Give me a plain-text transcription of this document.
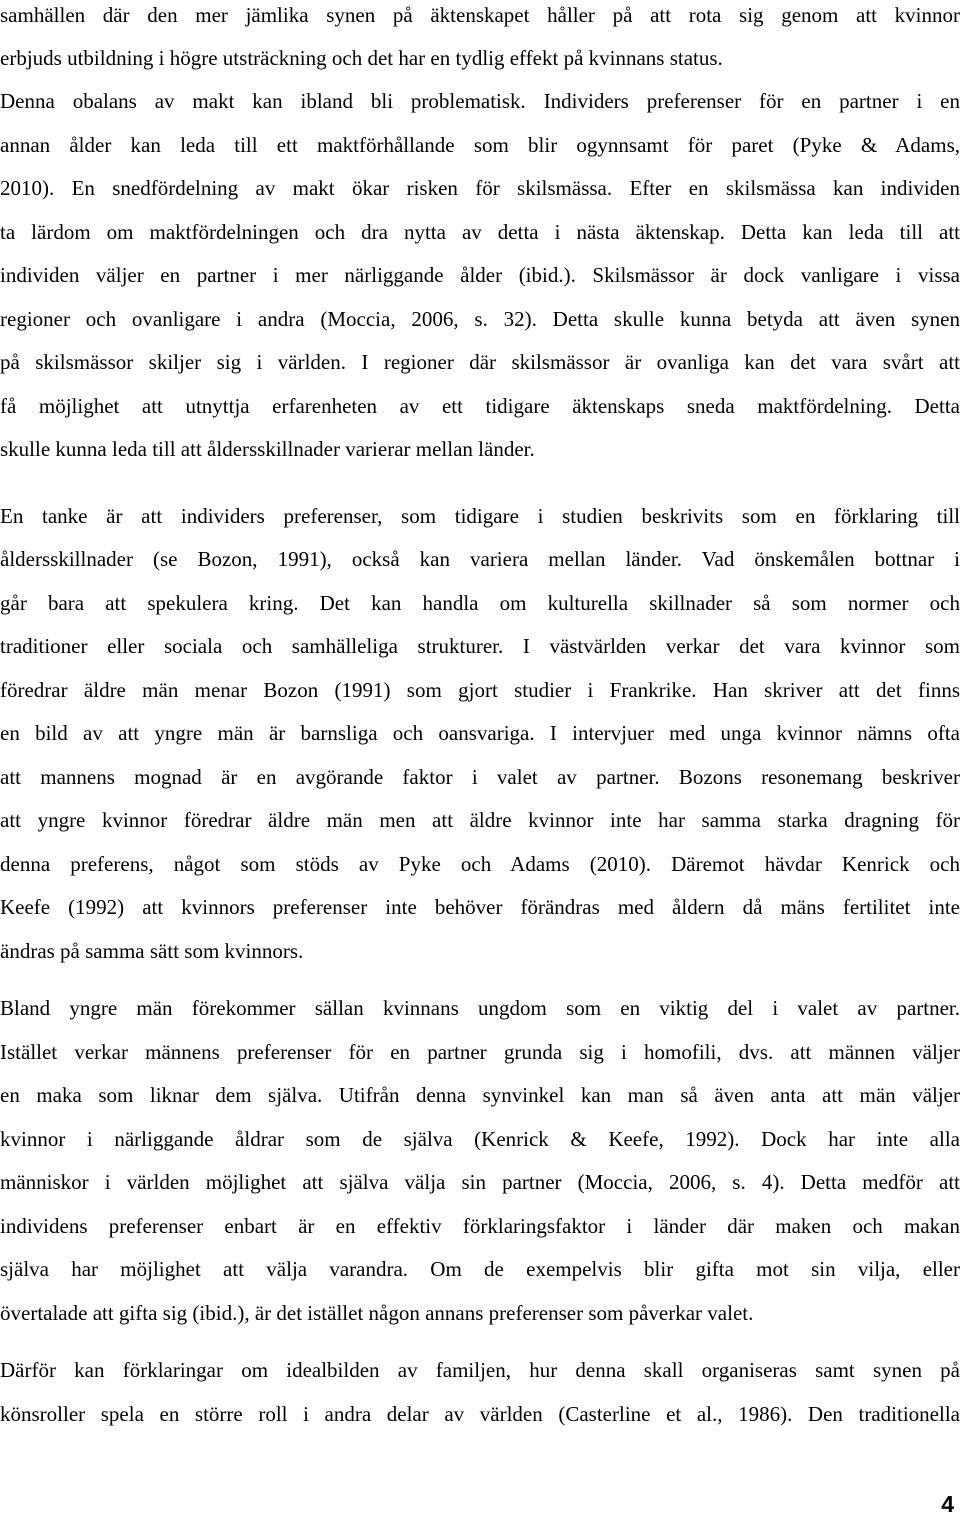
samhällen där den mer jämlika synen på äktenskapet håller på att rota sig genom att kvinnor
erbjuds utbildning i högre utsträckning och det har en tydlig effekt på kvinnans status.
Denna obalans av makt kan ibland bli problematisk. Individers preferenser för en partner i en
annan ålder kan leda till ett maktförhållande som blir ogynnsamt för paret (Pyke & Adams,
2010). En snedfördelning av makt ökar risken för skilsmässa. Efter en skilsmässa kan individen
ta lärdom om maktfördelningen och dra nytta av detta i nästa äktenskap. Detta kan leda till att
individen väljer en partner i mer närliggande ålder (ibid.). Skilsmässor är dock vanligare i vissa
regioner och ovanligare i andra (Moccia, 2006, s. 32). Detta skulle kunna betyda att även synen
på skilsmässor skiljer sig i världen. I regioner där skilsmässor är ovanliga kan det vara svårt att
få möjlighet att utnyttja erfarenheten av ett tidigare äktenskaps sneda maktfördelning. Detta
skulle kunna leda till att åldersskillnader varierar mellan länder.
En tanke är att individers preferenser, som tidigare i studien beskrivits som en förklaring till
åldersskillnader (se Bozon, 1991), också kan variera mellan länder. Vad önskemålen bottnar i
går bara att spekulera kring. Det kan handla om kulturella skillnader så som normer och
traditioner eller sociala och samhälleliga strukturer. I västvärlden verkar det vara kvinnor som
föredrar äldre män menar Bozon (1991) som gjort studier i Frankrike. Han skriver att det finns
en bild av att yngre män är barnsliga och oansvariga. I intervjuer med unga kvinnor nämns ofta
att mannens mognad är en avgörande faktor i valet av partner. Bozons resonemang beskriver
att yngre kvinnor föredrar äldre män men att äldre kvinnor inte har samma starka dragning för
denna preferens, något som stöds av Pyke och Adams (2010). Däremot hävdar Kenrick och
Keefe (1992) att kvinnors preferenser inte behöver förändras med åldern då mäns fertilitet inte
ändras på samma sätt som kvinnors.
Bland yngre män förekommer sällan kvinnans ungdom som en viktig del i valet av partner.
Istället verkar männens preferenser för en partner grunda sig i homofili, dvs. att männen väljer
en maka som liknar dem själva. Utifrån denna synvinkel kan man så även anta att män väljer
kvinnor i närliggande åldrar som de själva (Kenrick & Keefe, 1992). Dock har inte alla
människor i världen möjlighet att själva välja sin partner (Moccia, 2006, s. 4). Detta medför att
individens preferenser enbart är en effektiv förklaringsfaktor i länder där maken och makan
själva har möjlighet att välja varandra. Om de exempelvis blir gifta mot sin vilja, eller
övertalade att gifta sig (ibid.), är det istället någon annans preferenser som påverkar valet.
Därför kan förklaringar om idealbilden av familjen, hur denna skall organiseras samt synen på
könsroller spela en större roll i andra delar av världen (Casterline et al., 1986). Den traditionella
4
